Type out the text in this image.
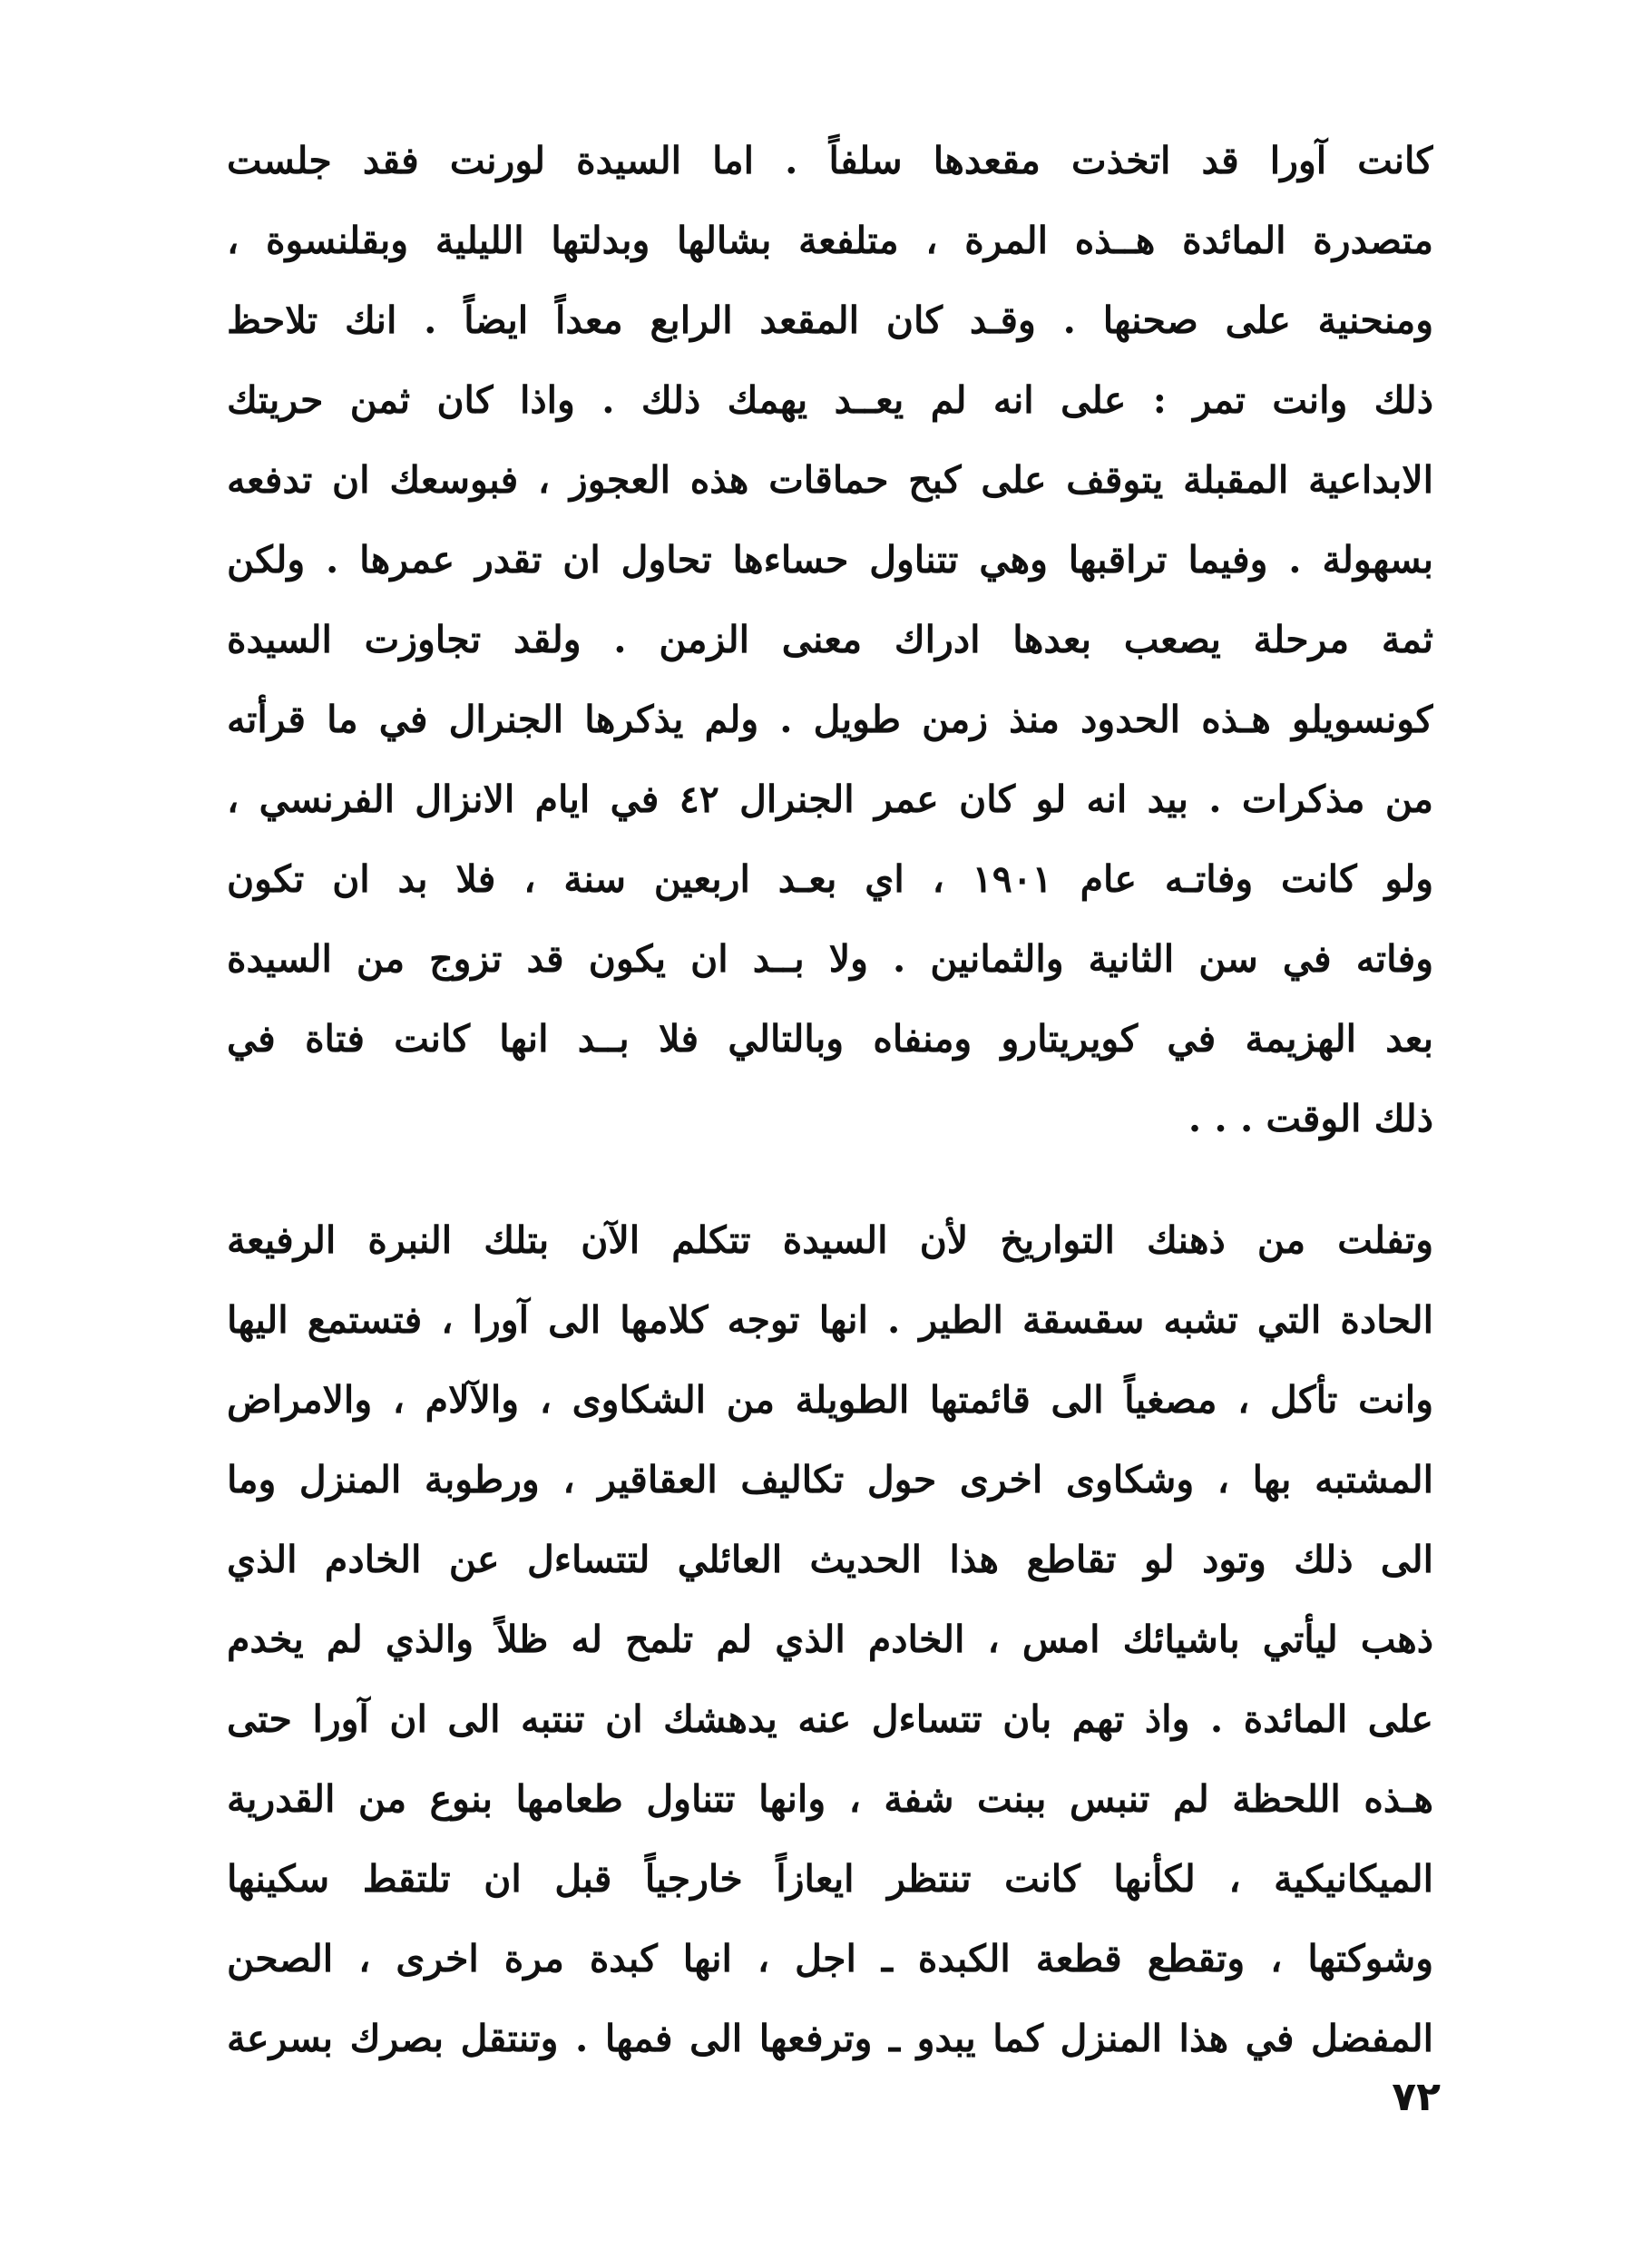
كانت آورا قد اتخذت مقعدها سلفاً . اما السيدة لورنت فقد جلست
متصدرة المائدة هــذه المرة ، متلفعة بشالها وبدلتها الليلية وبقلنسوة ،
ومنحنية على صحنها . وقـد كان المقعد الرابع معداً ايضاً . انك تلاحظ
ذلك وانت تمر : على انه لم يعــد يهمك ذلك . واذا كان ثمن حريتك
الابداعية المقبلة يتوقف على كبح حماقات هذه العجوز ، فبوسعك ان تدفعه
بسهولة . وفيما تراقبها وهي تتناول حساءها تحاول ان تقدر عمرها . ولكن
ثمة مرحلة يصعب بعدها ادراك معنى الزمن . ولقد تجاوزت السيدة
كونسويلو هـذه الحدود منذ زمن طويل . ولم يذكرها الجنرال في ما قرأته
من مذكرات . بيد انه لو كان عمر الجنرال ٤٢ في ايام الانزال الفرنسي ،
ولو كانت وفاتـه عام ١٩٠١ ، اي بعـد اربعين سنة ، فلا بد ان تكون
وفاته في سن الثانية والثمانين . ولا بــد ان يكون قد تزوج من السيدة
بعد الهزيمة في كويريتارو ومنفاه وبالتالي فلا بــد انها كانت فتاة في
ذلك الوقت . . .
وتفلت من ذهنك التواريخ لأن السيدة تتكلم الآن بتلك النبرة الرفيعة
الحادة التي تشبه سقسقة الطير . انها توجه كلامها الى آورا ، فتستمع اليها
وانت تأكل ، مصغياً الى قائمتها الطويلة من الشكاوى ، والآلام ، والامراض
المشتبه بها ، وشكاوى اخرى حول تكاليف العقاقير ، ورطوبة المنزل وما
الى ذلك وتود لو تقاطع هذا الحديث العائلي لتتساءل عن الخادم الذي
ذهب ليأتي باشيائك امس ، الخادم الذي لم تلمح له ظلاً والذي لم يخدم
على المائدة . واذ تهم بان تتساءل عنه يدهشك ان تنتبه الى ان آورا حتى
هـذه اللحظة لم تنبس ببنت شفة ، وانها تتناول طعامها بنوع من القدرية
الميكانيكية ، لكأنها كانت تنتظر ايعازاً خارجياً قبل ان تلتقط سكينها
وشوكتها ، وتقطع قطعة الكبدة ـ اجل ، انها كبدة مرة اخرى ، الصحن
المفضل في هذا المنزل كما يبدو ـ وترفعها الى فمها . وتنتقل بصرك بسرعة
٧٢
